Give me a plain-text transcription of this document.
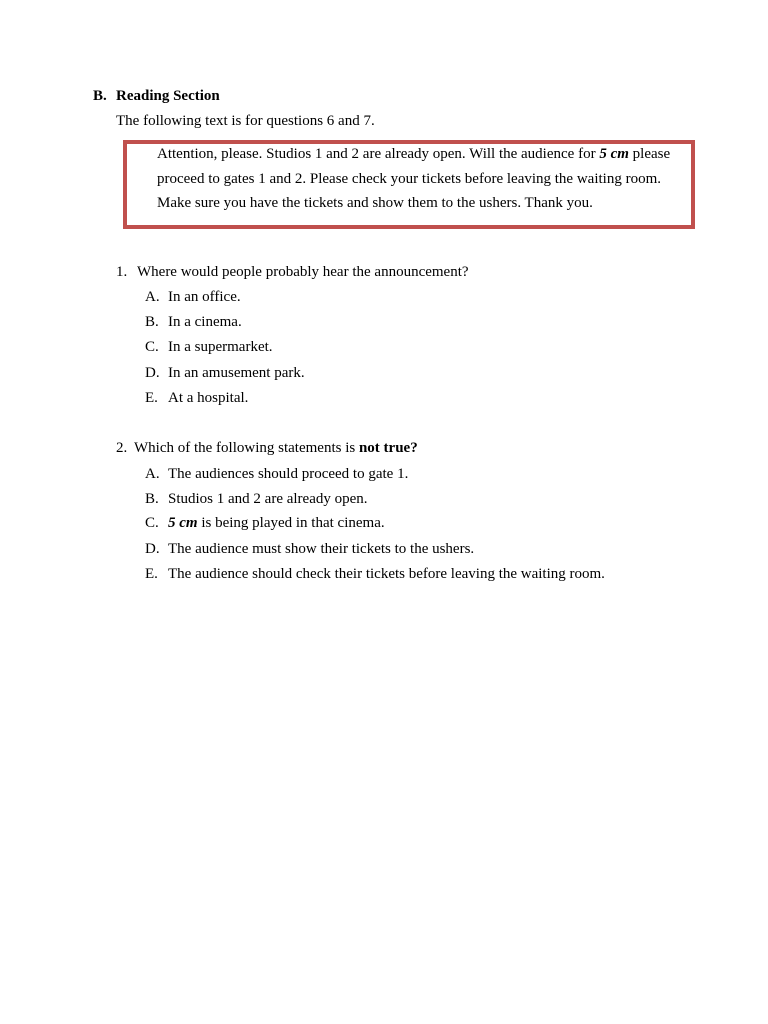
B. Reading Section
The following text is for questions 6 and 7.
Attention, please. Studios 1 and 2 are already open. Will the audience for 5 cm please
proceed to gates 1 and 2. Please check your tickets before leaving the waiting room.
Make sure you have the tickets and show them to the ushers. Thank you.
1. Where would people probably hear the announcement?
A. In an office.
B. In a cinema.
C. In a supermarket.
D. In an amusement park.
E. At a hospital.
2. Which of the following statements is not true?
A. The audiences should proceed to gate 1.
B. Studios 1 and 2 are already open.
C. 5 cm is being played in that cinema.
D. The audience must show their tickets to the ushers.
E. The audience should check their tickets before leaving the waiting room.
